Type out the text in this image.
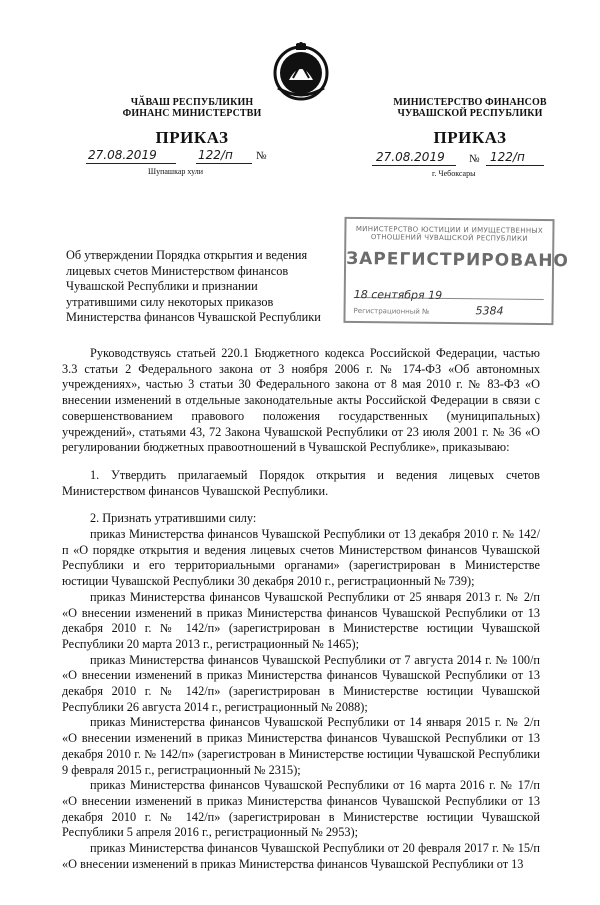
ЧӐВАШ РЕСПУБЛИКИН
ФИНАНС МИНИСТЕРСТВИ
МИНИСТЕРСТВО ФИНАНСОВ
ЧУВАШСКОЙ РЕСПУБЛИКИ
ПРИКАЗ	ПРИКАЗ
27.08.2019	122/п №
Шупашкар хули
27.08.2019 № 122/п
г. Чебоксары
МИНИСТЕРСТВО ЮСТИЦИИ И ИМУЩЕСТВЕННЫХ
ОТНОШЕНИЙ ЧУВАШСКОЙ РЕСПУБЛИКИ
ЗАРЕГИСТРИРОВАНО
18 сентября 19
Регистрационный №	5384
Об утверждении Порядка открытия и ведения лицевых счетов Министерством финансов Чувашской Республики и признании утратившими силу некоторых приказов Министерства финансов Чувашской Республики

Руководствуясь статьей 220.1 Бюджетного кодекса Российской Федерации, частью 3.3 статьи 2 Федерального закона от 3 ноября 2006 г. № 174-ФЗ «Об автономных учреждениях», частью 3 статьи 30 Федерального закона от 8 мая 2010 г. № 83-ФЗ «О внесении изменений в отдельные законодательные акты Российской Федерации в связи с совершенствованием правового положения государственных (муниципальных) учреждений», статьями 43, 72 Закона Чувашской Республики от 23 июля 2001 г. № 36 «О регулировании бюджетных правоотношений в Чувашской Республике», приказываю:

1. Утвердить прилагаемый Порядок открытия и ведения лицевых счетов Министерством финансов Чувашской Республики.

2. Признать утратившими силу:

приказ Министерства финансов Чувашской Республики от 13 декабря 2010 г. № 142/п «О порядке открытия и ведения лицевых счетов Министерством финансов Чувашской Республики и его территориальными органами» (зарегистрирован в Министерстве юстиции Чувашской Республики 30 декабря 2010 г., регистрационный № 739);

приказ Министерства финансов Чувашской Республики от 25 января 2013 г. № 2/п «О внесении изменений в приказ Министерства финансов Чувашской Республики от 13 декабря 2010 г. № 142/п» (зарегистрирован в Министерстве юстиции Чувашской Республики 20 марта 2013 г., регистрационный № 1465);

приказ Министерства финансов Чувашской Республики от 7 августа 2014 г. № 100/п «О внесении изменений в приказ Министерства финансов Чувашской Республики от 13 декабря 2010 г. № 142/п» (зарегистрирован в Министерстве юстиции Чувашской Республики 26 августа 2014 г., регистрационный № 2088);

приказ Министерства финансов Чувашской Республики от 14 января 2015 г. № 2/п «О внесении изменений в приказ Министерства финансов Чувашской Республики от 13 декабря 2010 г. № 142/п» (зарегистрован в Министерстве юстиции Чувашской Республики 9 февраля 2015 г., регистрационный № 2315);

приказ Министерства финансов Чувашской Республики от 16 марта 2016 г. № 17/п «О внесении изменений в приказ Министерства финансов Чувашской Республики от 13 декабря 2010 г. № 142/п» (зарегистрирован в Министерстве юстиции Чувашской Республики 5 апреля 2016 г., регистрационный № 2953);

приказ Министерства финансов Чувашской Республики от 20 февраля 2017 г. № 15/п «О внесении изменений в приказ Министерства финансов Чувашской Республики от 13
